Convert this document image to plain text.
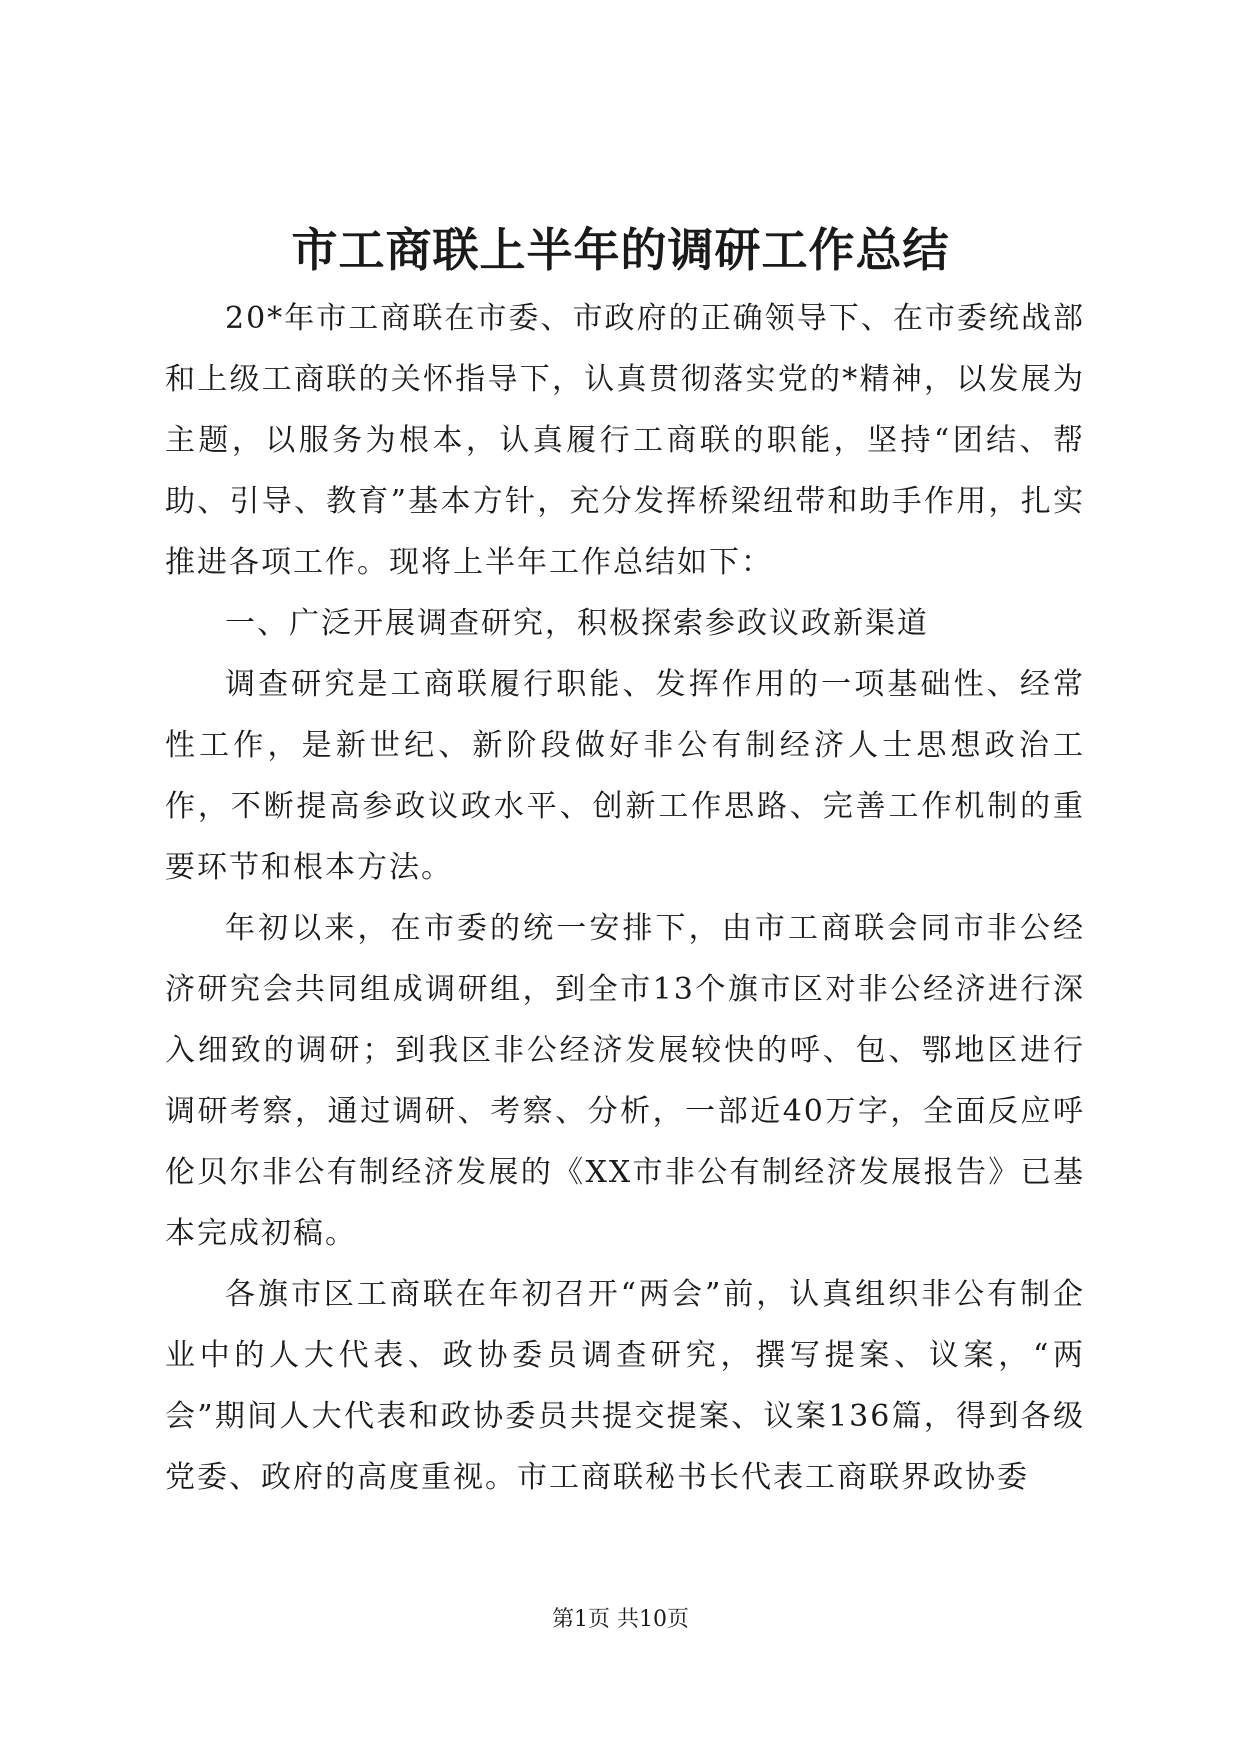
市工商联上半年的调研工作总结

20*年市工商联在市委、市政府的正确领导下、在市委统战部和上级工商联的关怀指导下，认真贯彻落实党的*精神，以发展为主题，以服务为根本，认真履行工商联的职能，坚持“团结、帮助、引导、教育”基本方针，充分发挥桥梁纽带和助手作用，扎实推进各项工作。现将上半年工作总结如下：

一、广泛开展调查研究，积极探索参政议政新渠道

调查研究是工商联履行职能、发挥作用的一项基础性、经常性工作，是新世纪、新阶段做好非公有制经济人士思想政治工作，不断提高参政议政水平、创新工作思路、完善工作机制的重要环节和根本方法。

年初以来，在市委的统一安排下，由市工商联会同市非公经济研究会共同组成调研组，到全市13个旗市区对非公经济进行深入细致的调研；到我区非公经济发展较快的呼、包、鄂地区进行调研考察，通过调研、考察、分析，一部近40万字，全面反应呼伦贝尔非公有制经济发展的《XX市非公有制经济发展报告》已基本完成初稿。

各旗市区工商联在年初召开“两会”前，认真组织非公有制企业中的人大代表、政协委员调查研究，撰写提案、议案，“两会”期间人大代表和政协委员共提交提案、议案136篇，得到各级党委、政府的高度重视。市工商联秘书长代表工商联界政协委

第1页 共10页
